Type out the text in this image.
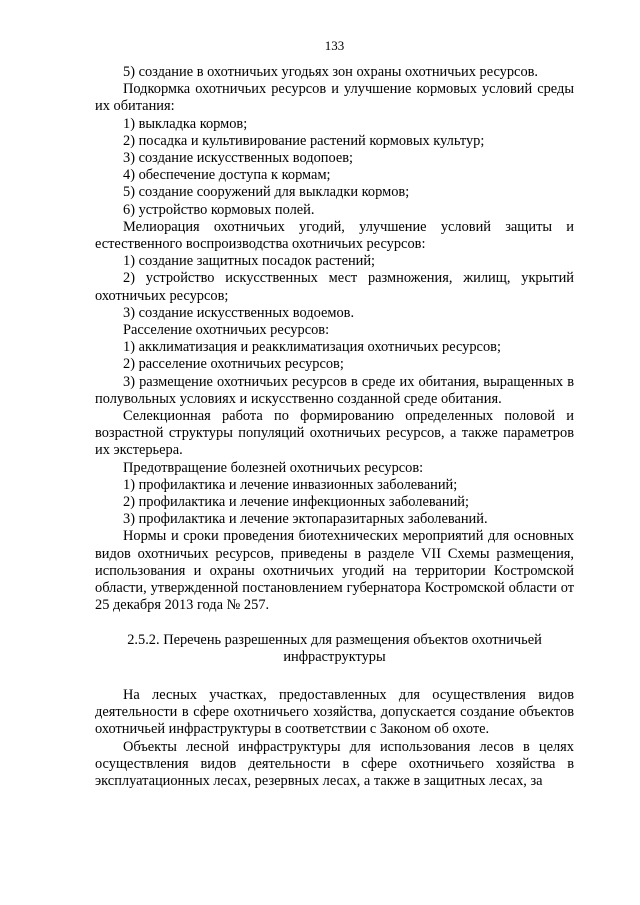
133

5) создание в охотничьих угодьях зон охраны охотничьих ресурсов.

Подкормка охотничьих ресурсов и улучшение кормовых условий среды их обитания:

1) выкладка кормов;

2) посадка и культивирование растений кормовых культур;

3) создание искусственных водопоев;

4) обеспечение доступа к кормам;

5) создание сооружений для выкладки кормов;

6) устройство кормовых полей.

Мелиорация охотничьих угодий, улучшение условий защиты и естественного воспроизводства охотничьих ресурсов:

1) создание защитных посадок растений;

2) устройство искусственных мест размножения, жилищ, укрытий охотничьих ресурсов;

3) создание искусственных водоемов.

Расселение охотничьих ресурсов:

1) акклиматизация и реакклиматизация охотничьих ресурсов;

2) расселение охотничьих ресурсов;

3) размещение охотничьих ресурсов в среде их обитания, выращенных в полувольных условиях и искусственно созданной среде обитания.

Селекционная работа по формированию определенных половой и возрастной структуры популяций охотничьих ресурсов, а также параметров их экстерьера.

Предотвращение болезней охотничьих ресурсов:

1) профилактика и лечение инвазионных заболеваний;

2) профилактика и лечение инфекционных заболеваний;

3) профилактика и лечение эктопаразитарных заболеваний.

Нормы и сроки проведения биотехнических мероприятий для основных видов охотничьих ресурсов, приведены в разделе VII Схемы размещения, использования и охраны охотничьих угодий на территории Костромской области, утвержденной постановлением губернатора Костромской области от 25 декабря 2013 года № 257.

2.5.2. Перечень разрешенных для размещения объектов охотничьей инфраструктуры

На лесных участках, предоставленных для осуществления видов деятельности в сфере охотничьего хозяйства, допускается создание объектов охотничьей инфраструктуры в соответствии с Законом об охоте.

Объекты лесной инфраструктуры для использования лесов в целях осуществления видов деятельности в сфере охотничьего хозяйства в эксплуатационных лесах, резервных лесах, а также в защитных лесах, за
